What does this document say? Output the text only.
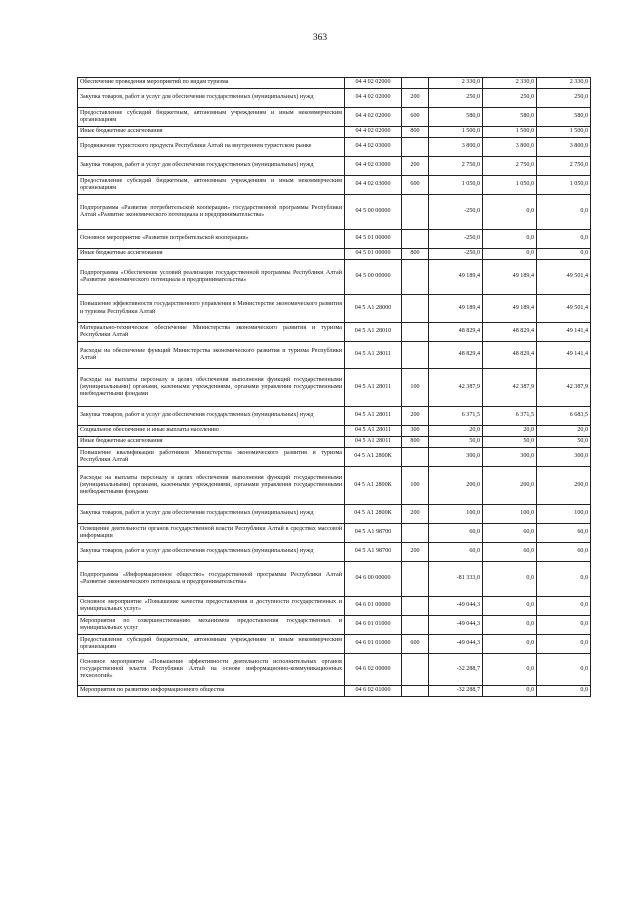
363
Обеспечение проведения мероприятий по видам туризма	04 4 02 02000		2 330,0	2 330,0	2 330,0
Закупка товаров, работ и услуг для обеспечения государственных (муниципальных) нужд	04 4 02 02000	200	250,0	250,0	250,0
Предоставление субсидий бюджетным, автономным учреждениям и иным некоммерческим организациям	04 4 02 02000	600	580,0	580,0	580,0
Иные бюджетные ассигнования	04 4 02 02000	800	1 500,0	1 500,0	1 500,0
Продвижение туристского продукта Республики Алтай на внутреннем туристском рынке	04 4 02 03000		3 800,0	3 800,0	3 800,0
Закупка товаров, работ и услуг для обеспечения государственных (муниципальных) нужд	04 4 02 03000	200	2 750,0	2 750,0	2 750,0
Предоставление субсидий бюджетным, автономным учреждениям и иным некоммерческим организациям	04 4 02 03000	600	1 050,0	1 050,0	1 050,0
Подпрограмма «Развитие потребительской кооперации» государственной программы Республики Алтай «Развитие экономического потенциала и предпринимательства»	04 5 00 00000		-250,0	0,0	0,0
Основное мероприятие «Развитие потребительской кооперации»	04 5 01 00000		-250,0	0,0	0,0
Иные бюджетные ассигнования	04 5 01 00000	800	-250,0	0,0	0,0
Подпрограмма «Обеспечение условий реализации государственной программы Республики Алтай «Развитие экономического потенциала и предпринимательства»	04 5 00 00000		49 189,4	49 189,4	49 501,4
Повышение эффективности государственного управления в Министерстве экономического развития и туризма Республики Алтай	04 5 А1 28000		49 189,4	49 189,4	49 501,4
Материально-техническое обеспечение Министерства экономического развития и туризма Республики Алтай	04 5 А1 28010		48 829,4	48 829,4	49 141,4
Расходы на обеспечение функций Министерства экономического развития и туризма Республики Алтай	04 5 А1 28011		48 829,4	48 829,4	49 141,4
Расходы на выплаты персоналу в целях обеспечения выполнения функций государственными (муниципальными) органами, казенными учреждениями, органами управления государственными внебюджетными фондами	04 5 А1 28011	100	42 387,9	42 387,9	42 387,9
Закупка товаров, работ и услуг для обеспечения государственных (муниципальных) нужд	04 5 А1 28011	200	6 371,5	6 371,5	6 683,5
Социальное обеспечение и иные выплаты населению	04 5 А1 28011	300	20,0	20,0	20,0
Иные бюджетные ассигнования	04 5 А1 28011	800	50,0	50,0	50,0
Повышение квалификации работников Министерства экономического развития и туризма Республики Алтай	04 5 А1 2800К		300,0	300,0	300,0
Расходы на выплаты персоналу в целях обеспечения выполнения функций государственными (муниципальными) органами, казенными учреждениями, органами управления государственными внебюджетными фондами	04 5 А1 2800К	100	200,0	200,0	200,0
Закупка товаров, работ и услуг для обеспечения государственных (муниципальных) нужд	04 5 А1 2800К	200	100,0	100,0	100,0
Освещение деятельности органов государственной власти Республики Алтай в средствах массовой информации	04 5 А1 98700		60,0	60,0	60,0
Закупка товаров, работ и услуг для обеспечения государственных (муниципальных) нужд	04 5 А1 98700	200	60,0	60,0	60,0
Подпрограмма «Информационное общество» государственной программы Республики Алтай «Развитие экономического потенциала и предпринимательства»	04 6 00 00000		-81 333,0	0,0	0,0
Основное мероприятие «Повышение качества предоставления и доступности государственных и муниципальных услуг»	04 6 01 00000		-49 044,3	0,0	0,0
Мероприятия по совершенствованию механизмов предоставления государственных и муниципальных услуг	04 6 01 01000		-49 044,3	0,0	0,0
Предоставление субсидий бюджетным, автономным учреждениям и иным некоммерческим организациям	04 6 01 01000	600	-49 044,3	0,0	0,0
Основное мероприятие «Повышение эффективности деятельности исполнительных органов государственной власти Республики Алтай на основе информационно-коммуникационных технологий»	04 6 02 00000		-32 288,7	0,0	0,0
Мероприятия по развитию информационного общества	04 6 02 01000		-32 288,7	0,0	0,0
